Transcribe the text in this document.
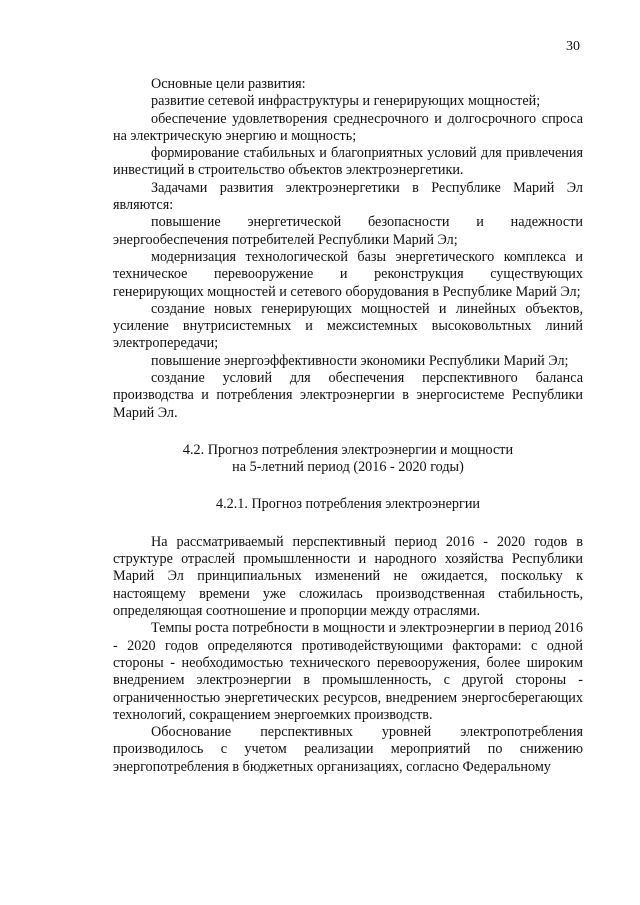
30

Основные цели развития:

развитие сетевой инфраструктуры и генерирующих мощностей;

обеспечение удовлетворения среднесрочного и долгосрочного спроса на электрическую энергию и мощность;

формирование стабильных и благоприятных условий для привлечения инвестиций в строительство объектов электроэнергетики.

Задачами развития электроэнергетики в Республике Марий Эл являются:

повышение энергетической безопасности и надежности энергообеспечения потребителей Республики Марий Эл;

модернизация технологической базы энергетического комплекса и техническое перевооружение и реконструкция существующих генерирующих мощностей и сетевого оборудования в Республике Марий Эл;

создание новых генерирующих мощностей и линейных объектов, усиление внутрисистемных и межсистемных высоковольтных линий электропередачи;

повышение энергоэффективности экономики Республики Марий Эл;

создание условий для обеспечения перспективного баланса производства и потребления электроэнергии в энергосистеме Республики Марий Эл.

4.2. Прогноз потребления электроэнергии и мощности
на 5-летний период (2016 - 2020 годы)
4.2.1. Прогноз потребления электроэнергии

На рассматриваемый перспективный период 2016 - 2020 годов в структуре отраслей промышленности и народного хозяйства Республики Марий Эл принципиальных изменений не ожидается, поскольку к настоящему времени уже сложилась производственная стабильность, определяющая соотношение и пропорции между отраслями.

Темпы роста потребности в мощности и электроэнергии в период 2016 - 2020 годов определяются противодействующими факторами: с одной стороны - необходимостью технического перевооружения, более широким внедрением электроэнергии в промышленность, с другой стороны - ограниченностью энергетических ресурсов, внедрением энергосберегающих технологий, сокращением энергоемких производств.

Обоснование перспективных уровней электропотребления производилось с учетом реализации мероприятий по снижению энергопотребления в бюджетных организациях, согласно Федеральному
